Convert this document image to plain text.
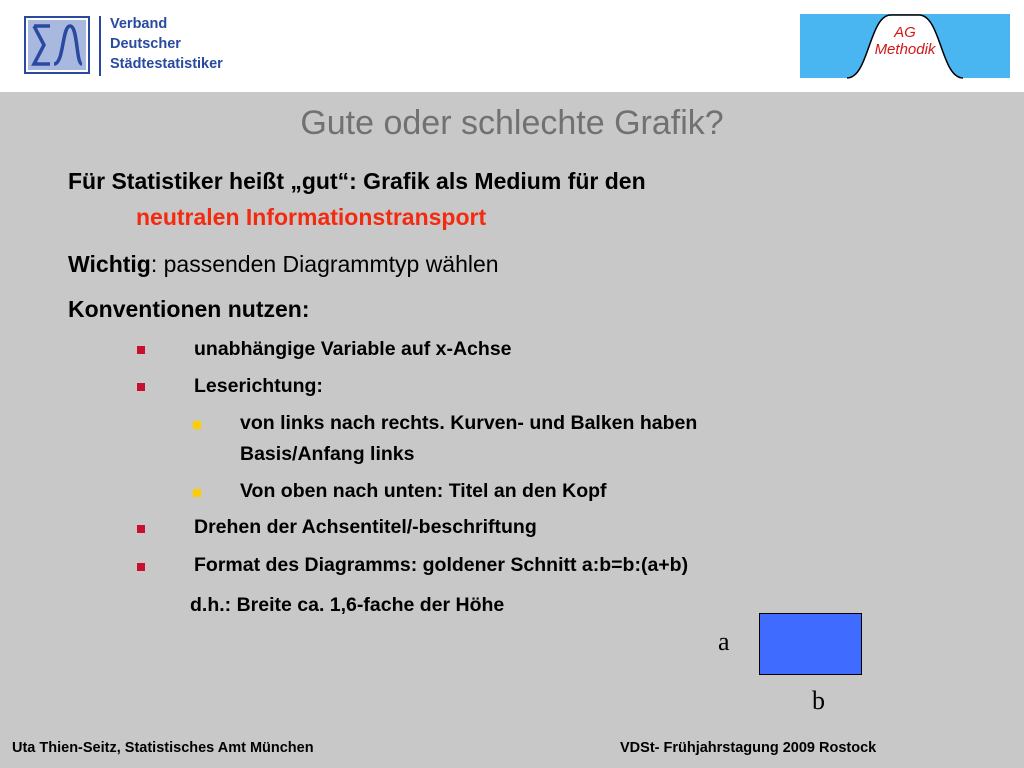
Verband
Deutscher
Städtestatistiker
AG
Methodik
Gute oder schlechte Grafik?
Für Statistiker heißt „gut“: Grafik als Medium für den
neutralen Informationstransport
Wichtig: passenden Diagrammtyp wählen
Konventionen nutzen:
unabhängige Variable auf x-Achse
Leserichtung:
von links nach rechts. Kurven- und Balken haben
Basis/Anfang links
Von oben nach unten: Titel an den Kopf
Drehen der Achsentitel/-beschriftung
Format des Diagramms: goldener Schnitt a:b=b:(a+b)
d.h.: Breite ca. 1,6-fache der Höhe
a
b
Uta Thien-Seitz, Statistisches Amt München	VDSt- Frühjahrstagung 2009 Rostock
